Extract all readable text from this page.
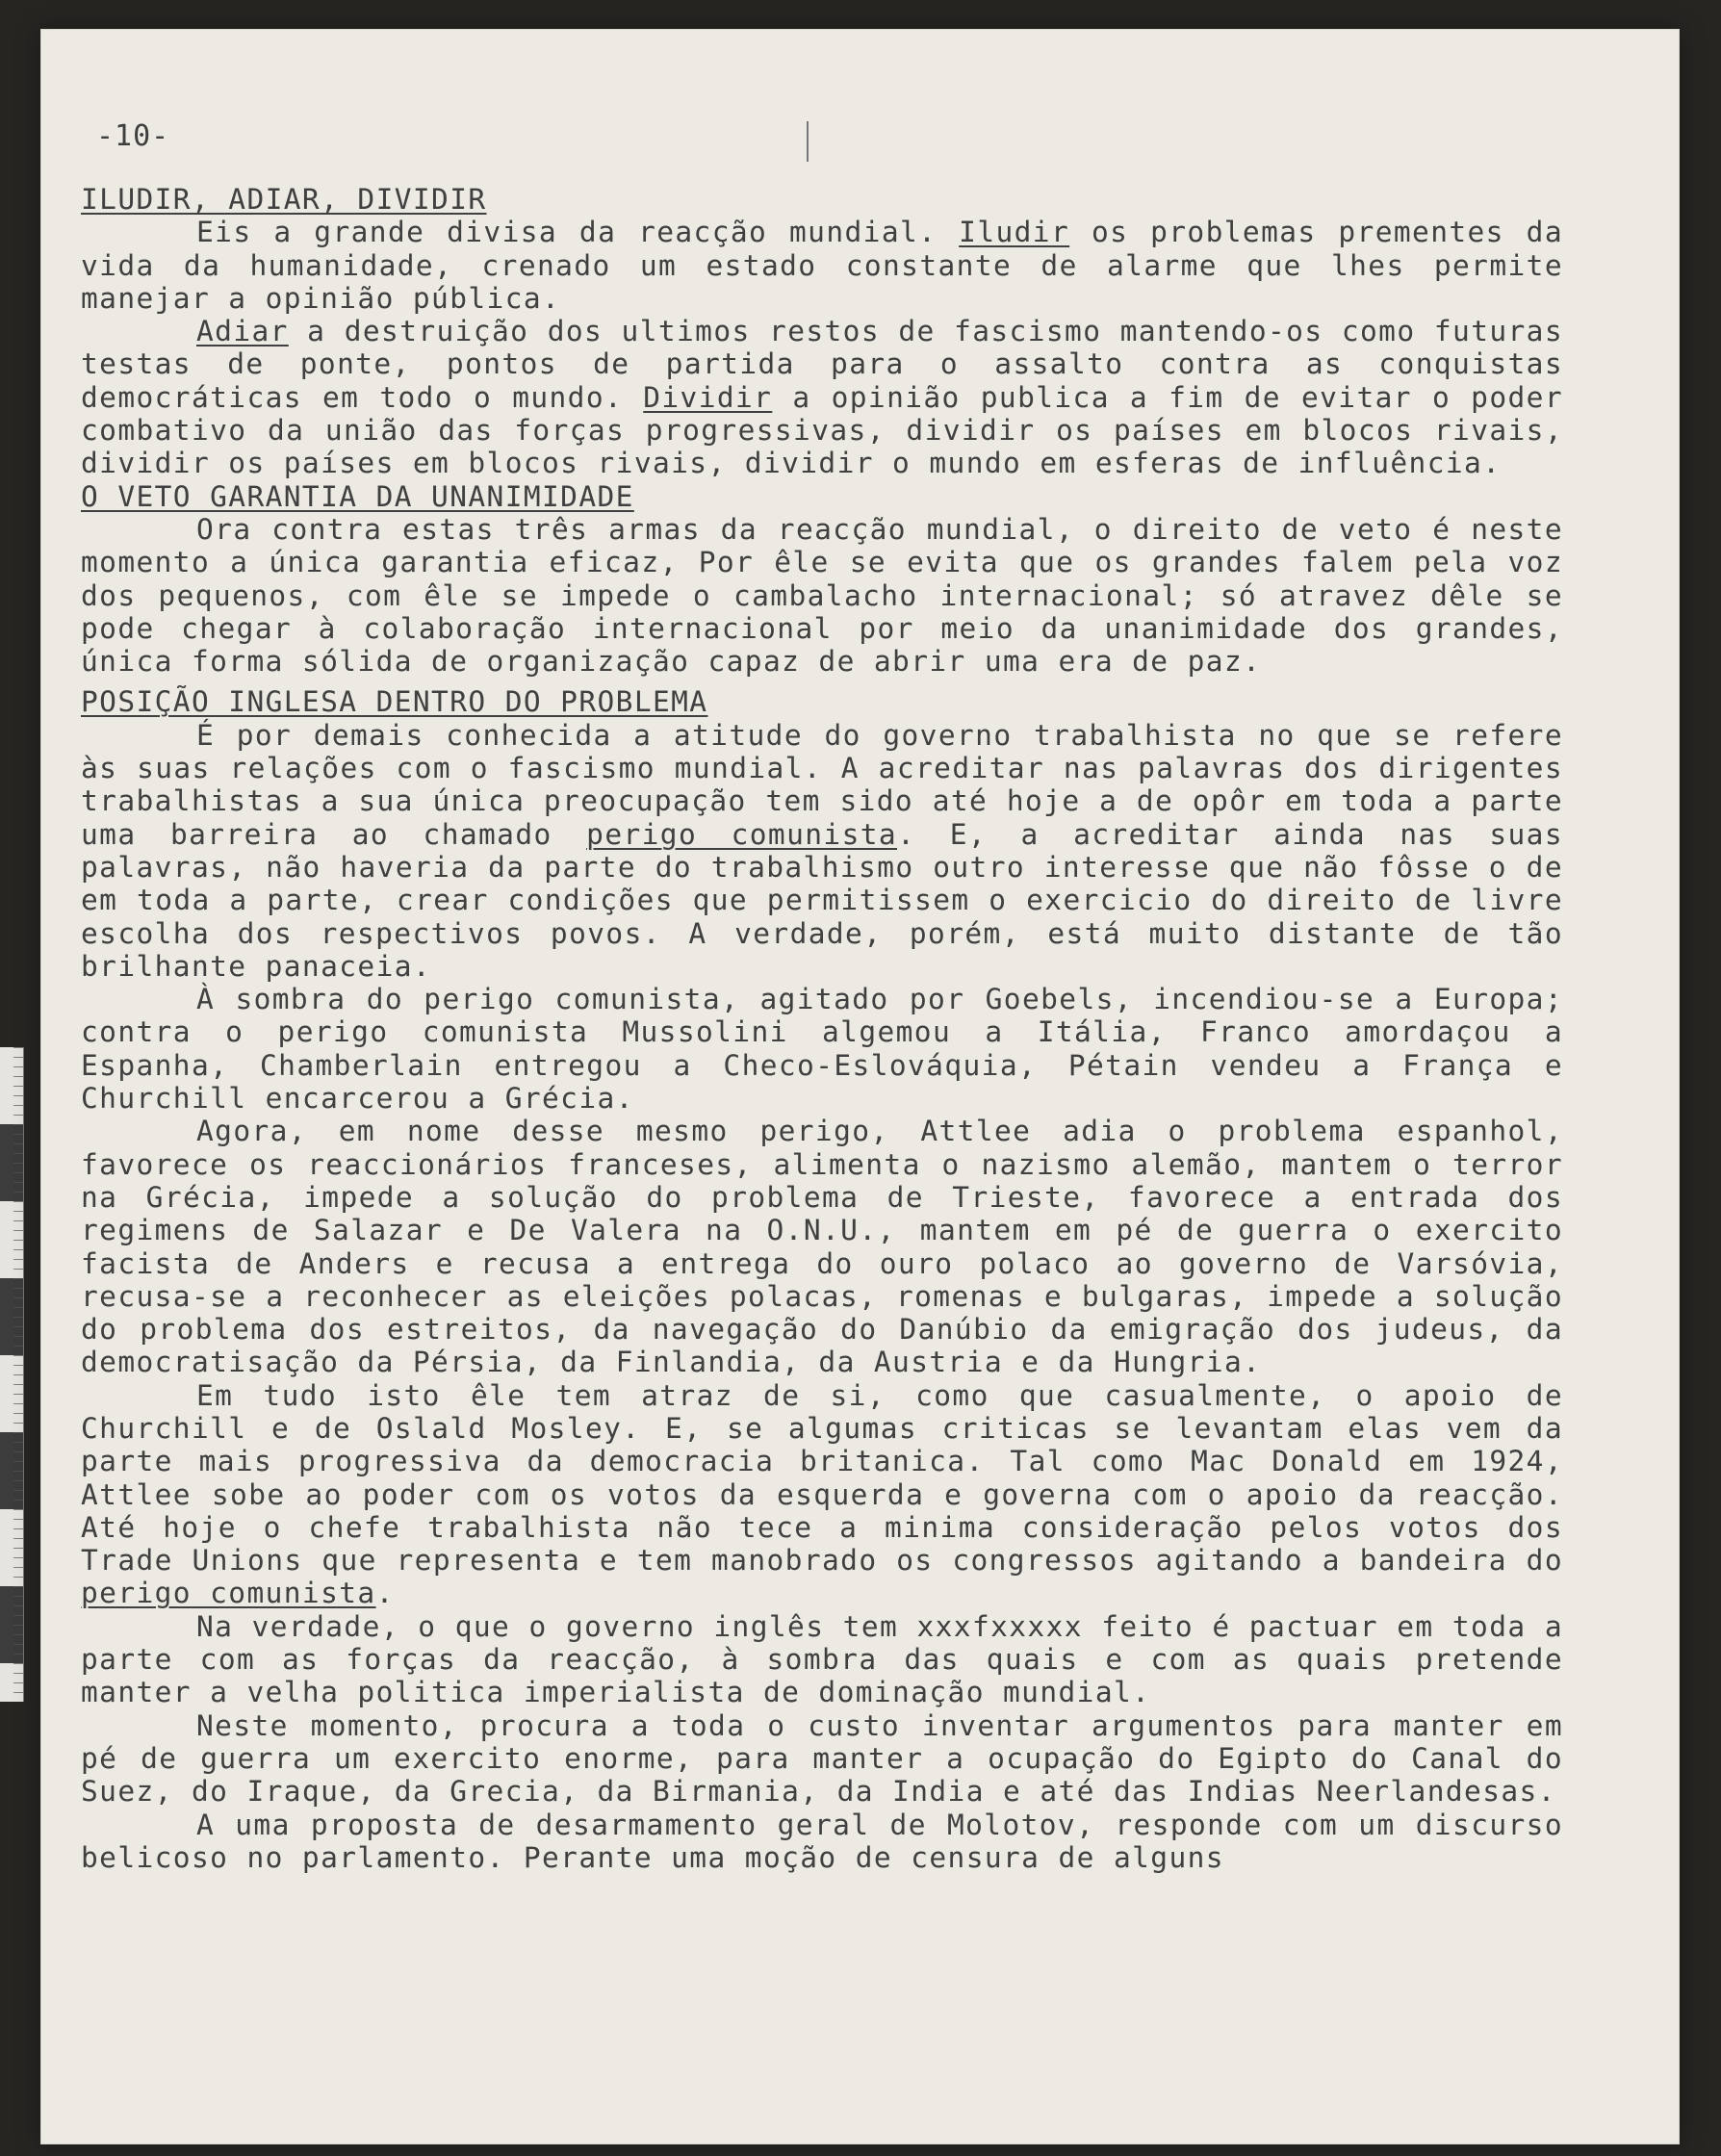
-10-
ILUDIR, ADIAR, DIVIDIR

Eis a grande divisa da reacção mundial. Iludir os problemas prementes da vida da humanidade, crenado um estado constante de alarme que lhes permite manejar a opinião pública.

Adiar a destruição dos ultimos restos de fascismo mantendo-os como futuras testas de ponte, pontos de partida para o assalto contra as conquistas democráticas em todo o mundo. Dividir a opinião publica a fim de evitar o poder combativo da união das forças progressivas, dividir os países em blocos rivais, dividir os países em blocos rivais, dividir o mundo em esferas de influência.

O VETO GARANTIA DA UNANIMIDADE

Ora contra estas três armas da reacção mundial, o direito de veto é neste momento a única garantia eficaz, Por êle se evita que os grandes falem pela voz dos pequenos, com êle se impede o cambalacho internacional; só atravez dêle se pode chegar à colaboração internacional por meio da unanimidade dos grandes, única forma sólida de organização capaz de abrir uma era de paz.

POSIÇÃO INGLESA DENTRO DO PROBLEMA

É por demais conhecida a atitude do governo trabalhista no que se refere às suas relações com o fascismo mundial. A acreditar nas palavras dos dirigentes trabalhistas a sua única preocupação tem sido até hoje a de opôr em toda a parte uma barreira ao chamado perigo comunista. E, a acreditar ainda nas suas palavras, não haveria da parte do trabalhismo outro interesse que não fôsse o de em toda a parte, crear condições que permitissem o exercicio do direito de livre escolha dos respectivos povos. A verdade, porém, está muito distante de tão brilhante panaceia.

À sombra do perigo comunista, agitado por Goebels, incendiou-se a Europa; contra o perigo comunista Mussolini algemou a Itália, Franco amordaçou a Espanha, Chamberlain entregou a Checo-Eslováquia, Pétain vendeu a França e Churchill encarcerou a Grécia.

Agora, em nome desse mesmo perigo, Attlee adia o problema espanhol, favorece os reaccionários franceses, alimenta o nazismo alemão, mantem o terror na Grécia, impede a solução do problema de Trieste, favorece a entrada dos regimens de Salazar e De Valera na O.N.U., mantem em pé de guerra o exercito facista de Anders e recusa a entrega do ouro polaco ao governo de Varsóvia, recusa-se a reconhecer as eleições polacas, romenas e bulgaras, impede a solução do problema dos estreitos, da navegação do Danúbio da emigração dos judeus, da democratisação da Pérsia, da Finlandia, da Austria e da Hungria.

Em tudo isto êle tem atraz de si, como que casualmente, o apoio de Churchill e de Oslald Mosley. E, se algumas criticas se levantam elas vem da parte mais progressiva da democracia britanica. Tal como Mac Donald em 1924, Attlee sobe ao poder com os votos da esquerda e governa com o apoio da reacção. Até hoje o chefe trabalhista não tece a minima consideração pelos votos dos Trade Unions que representa e tem manobrado os congressos agitando a bandeira do perigo comunista.

Na verdade, o que o governo inglês tem xxxfxxxxx feito é pactuar em toda a parte com as forças da reacção, à sombra das quais e com as quais pretende manter a velha politica imperialista de dominação mundial.

Neste momento, procura a toda o custo inventar argumentos para manter em pé de guerra um exercito enorme, para manter a ocupação do Egipto do Canal do Suez, do Iraque, da Grecia, da Birmania, da India e até das Indias Neerlandesas.

A uma proposta de desarmamento geral de Molotov, responde com um discurso belicoso no parlamento. Perante uma moção de censura de alguns
